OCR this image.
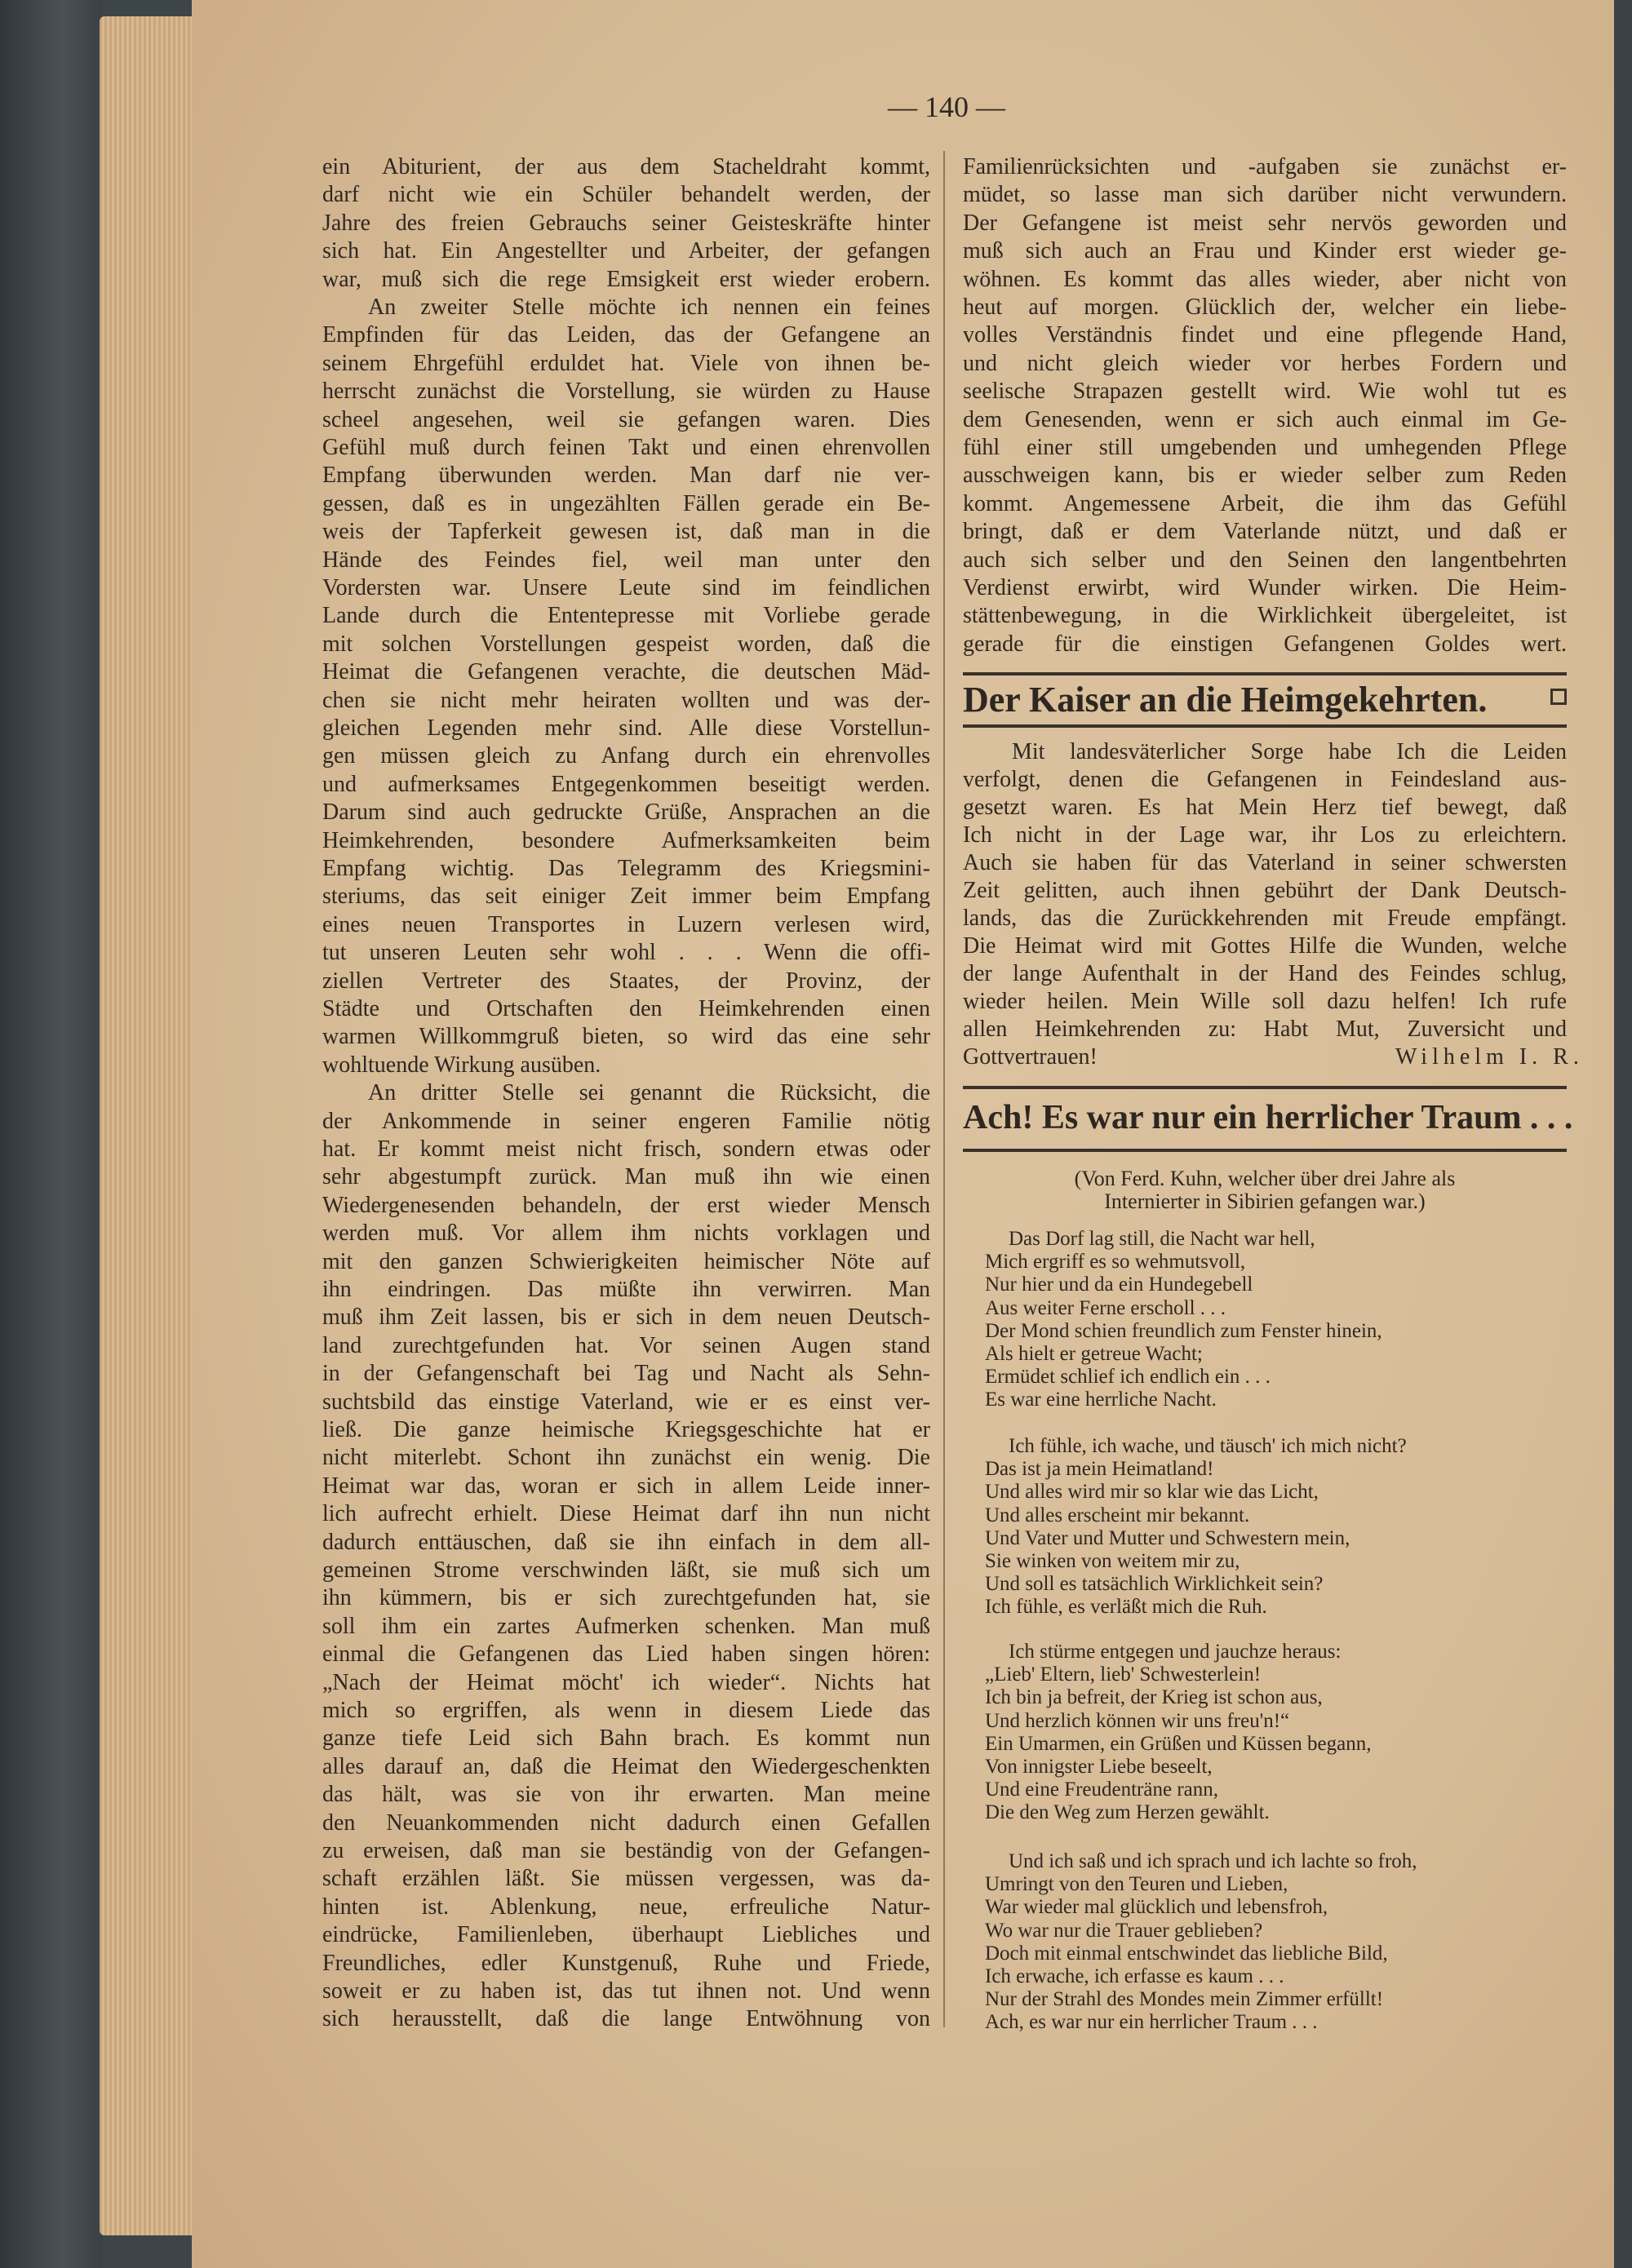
— 140 —
ein Abiturient, der aus dem Stacheldraht kommt,
darf nicht wie ein Schüler behandelt werden, der
Jahre des freien Gebrauchs seiner Geisteskräfte hinter
sich hat. Ein Angestellter und Arbeiter, der gefangen
war, muß sich die rege Emsigkeit erst wieder erobern.
An zweiter Stelle möchte ich nennen ein feines
Empfinden für das Leiden, das der Gefangene an
seinem Ehrgefühl erduldet hat. Viele von ihnen be-
herrscht zunächst die Vorstellung, sie würden zu Hause
scheel angesehen, weil sie gefangen waren. Dies
Gefühl muß durch feinen Takt und einen ehrenvollen
Empfang überwunden werden. Man darf nie ver-
gessen, daß es in ungezählten Fällen gerade ein Be-
weis der Tapferkeit gewesen ist, daß man in die
Hände des Feindes fiel, weil man unter den
Vordersten war. Unsere Leute sind im feindlichen
Lande durch die Ententepresse mit Vorliebe gerade
mit solchen Vorstellungen gespeist worden, daß die
Heimat die Gefangenen verachte, die deutschen Mäd-
chen sie nicht mehr heiraten wollten und was der-
gleichen Legenden mehr sind. Alle diese Vorstellun-
gen müssen gleich zu Anfang durch ein ehrenvolles
und aufmerksames Entgegenkommen beseitigt werden.
Darum sind auch gedruckte Grüße, Ansprachen an die
Heimkehrenden, besondere Aufmerksamkeiten beim
Empfang wichtig. Das Telegramm des Kriegsmini-
steriums, das seit einiger Zeit immer beim Empfang
eines neuen Transportes in Luzern verlesen wird,
tut unseren Leuten sehr wohl . . . Wenn die offi-
ziellen Vertreter des Staates, der Provinz, der
Städte und Ortschaften den Heimkehrenden einen
warmen Willkommgruß bieten, so wird das eine sehr
wohltuende Wirkung ausüben.
An dritter Stelle sei genannt die Rücksicht, die
der Ankommende in seiner engeren Familie nötig
hat. Er kommt meist nicht frisch, sondern etwas oder
sehr abgestumpft zurück. Man muß ihn wie einen
Wiedergenesenden behandeln, der erst wieder Mensch
werden muß. Vor allem ihm nichts vorklagen und
mit den ganzen Schwierigkeiten heimischer Nöte auf
ihn eindringen. Das müßte ihn verwirren. Man
muß ihm Zeit lassen, bis er sich in dem neuen Deutsch-
land zurechtgefunden hat. Vor seinen Augen stand
in der Gefangenschaft bei Tag und Nacht als Sehn-
suchtsbild das einstige Vaterland, wie er es einst ver-
ließ. Die ganze heimische Kriegsgeschichte hat er
nicht miterlebt. Schont ihn zunächst ein wenig. Die
Heimat war das, woran er sich in allem Leide inner-
lich aufrecht erhielt. Diese Heimat darf ihn nun nicht
dadurch enttäuschen, daß sie ihn einfach in dem all-
gemeinen Strome verschwinden läßt, sie muß sich um
ihn kümmern, bis er sich zurechtgefunden hat, sie
soll ihm ein zartes Aufmerken schenken. Man muß
einmal die Gefangenen das Lied haben singen hören:
„Nach der Heimat möcht' ich wieder“. Nichts hat
mich so ergriffen, als wenn in diesem Liede das
ganze tiefe Leid sich Bahn brach. Es kommt nun
alles darauf an, daß die Heimat den Wiedergeschenkten
das hält, was sie von ihr erwarten. Man meine
den Neuankommenden nicht dadurch einen Gefallen
zu erweisen, daß man sie beständig von der Gefangen-
schaft erzählen läßt. Sie müssen vergessen, was da-
hinten ist. Ablenkung, neue, erfreuliche Natur-
eindrücke, Familienleben, überhaupt Liebliches und
Freundliches, edler Kunstgenuß, Ruhe und Friede,
soweit er zu haben ist, das tut ihnen not. Und wenn
sich herausstellt, daß die lange Entwöhnung von
Familienrücksichten und -aufgaben sie zunächst er-
müdet, so lasse man sich darüber nicht verwundern.
Der Gefangene ist meist sehr nervös geworden und
muß sich auch an Frau und Kinder erst wieder ge-
wöhnen. Es kommt das alles wieder, aber nicht von
heut auf morgen. Glücklich der, welcher ein liebe-
volles Verständnis findet und eine pflegende Hand,
und nicht gleich wieder vor herbes Fordern und
seelische Strapazen gestellt wird. Wie wohl tut es
dem Genesenden, wenn er sich auch einmal im Ge-
fühl einer still umgebenden und umhegenden Pflege
ausschweigen kann, bis er wieder selber zum Reden
kommt. Angemessene Arbeit, die ihm das Gefühl
bringt, daß er dem Vaterlande nützt, und daß er
auch sich selber und den Seinen den langentbehrten
Verdienst erwirbt, wird Wunder wirken. Die Heim-
stättenbewegung, in die Wirklichkeit übergeleitet, ist
gerade für die einstigen Gefangenen Goldes wert.
Der Kaiser an die Heimgekehrten.
Mit landesväterlicher Sorge habe Ich die Leiden
verfolgt, denen die Gefangenen in Feindesland aus-
gesetzt waren. Es hat Mein Herz tief bewegt, daß
Ich nicht in der Lage war, ihr Los zu erleichtern.
Auch sie haben für das Vaterland in seiner schwersten
Zeit gelitten, auch ihnen gebührt der Dank Deutsch-
lands, das die Zurückkehrenden mit Freude empfängt.
Die Heimat wird mit Gottes Hilfe die Wunden, welche
der lange Aufenthalt in der Hand des Feindes schlug,
wieder heilen. Mein Wille soll dazu helfen! Ich rufe
allen Heimkehrenden zu: Habt Mut, Zuversicht und
Gottvertrauen!	Wilhelm I. R.
Ach! Es war nur ein herrlicher Traum . . .
(Von Ferd. Kuhn, welcher über drei Jahre als
Internierter in Sibirien gefangen war.)
Das Dorf lag still, die Nacht war hell,
Mich ergriff es so wehmutsvoll,
Nur hier und da ein Hundegebell
Aus weiter Ferne erscholl . . .
Der Mond schien freundlich zum Fenster hinein,
Als hielt er getreue Wacht;
Ermüdet schlief ich endlich ein . . .
Es war eine herrliche Nacht.
Ich fühle, ich wache, und täusch' ich mich nicht?
Das ist ja mein Heimatland!
Und alles wird mir so klar wie das Licht,
Und alles erscheint mir bekannt.
Und Vater und Mutter und Schwestern mein,
Sie winken von weitem mir zu,
Und soll es tatsächlich Wirklichkeit sein?
Ich fühle, es verläßt mich die Ruh.
Ich stürme entgegen und jauchze heraus:
„Lieb' Eltern, lieb' Schwesterlein!
Ich bin ja befreit, der Krieg ist schon aus,
Und herzlich können wir uns freu'n!“
Ein Umarmen, ein Grüßen und Küssen begann,
Von innigster Liebe beseelt,
Und eine Freudenträne rann,
Die den Weg zum Herzen gewählt.
Und ich saß und ich sprach und ich lachte so froh,
Umringt von den Teuren und Lieben,
War wieder mal glücklich und lebensfroh,
Wo war nur die Trauer geblieben?
Doch mit einmal entschwindet das liebliche Bild,
Ich erwache, ich erfasse es kaum . . .
Nur der Strahl des Mondes mein Zimmer erfüllt!
Ach, es war nur ein herrlicher Traum . . .
